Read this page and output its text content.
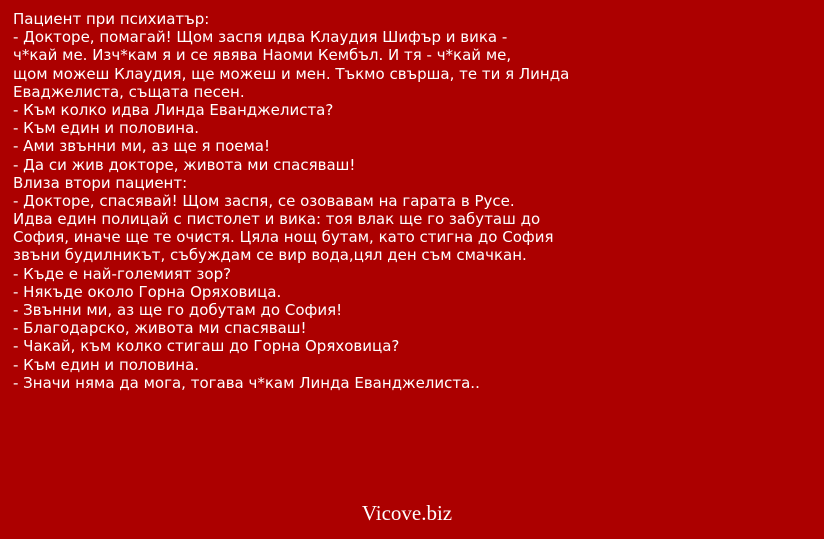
Пациент при психиатър:
- Докторе, помагай! Щом заспя идва Клаудия Шифър и вика -
ч*кай ме. Изч*кам я и се явява Наоми Кембъл. И тя - ч*кай ме,
щом можеш Клаудия, ще можеш и мен. Тъкмо свърша, те ти я Линда
Еваджелиста, същата песен.
- Към колко идва Линда Еванджелиста?
- Към един и половина.
- Ами звънни ми, аз ще я поема!
- Да си жив докторе, живота ми спасяваш!
Влиза втори пациент:
- Докторе, спасявай! Щом заспя, се озовавам на гарата в Русе.
Идва един полицай с пистолет и вика: тоя влак ще го забуташ до
София, иначе ще те очистя. Цяла нощ бутам, като стигна до София
звъни будилникът, събуждам се вир вода,цял ден съм смачкан.
- Къде е най-големият зор?
- Някъде около Горна Оряховица.
- Звънни ми, аз ще го добутам до София!
- Благодарско, живота ми спасяваш!
- Чакай, към колко стигаш до Горна Оряховица?
- Към един и половина.
- Значи няма да мога, тогава ч*кам Линда Еванджелиста..
Vicove.biz
